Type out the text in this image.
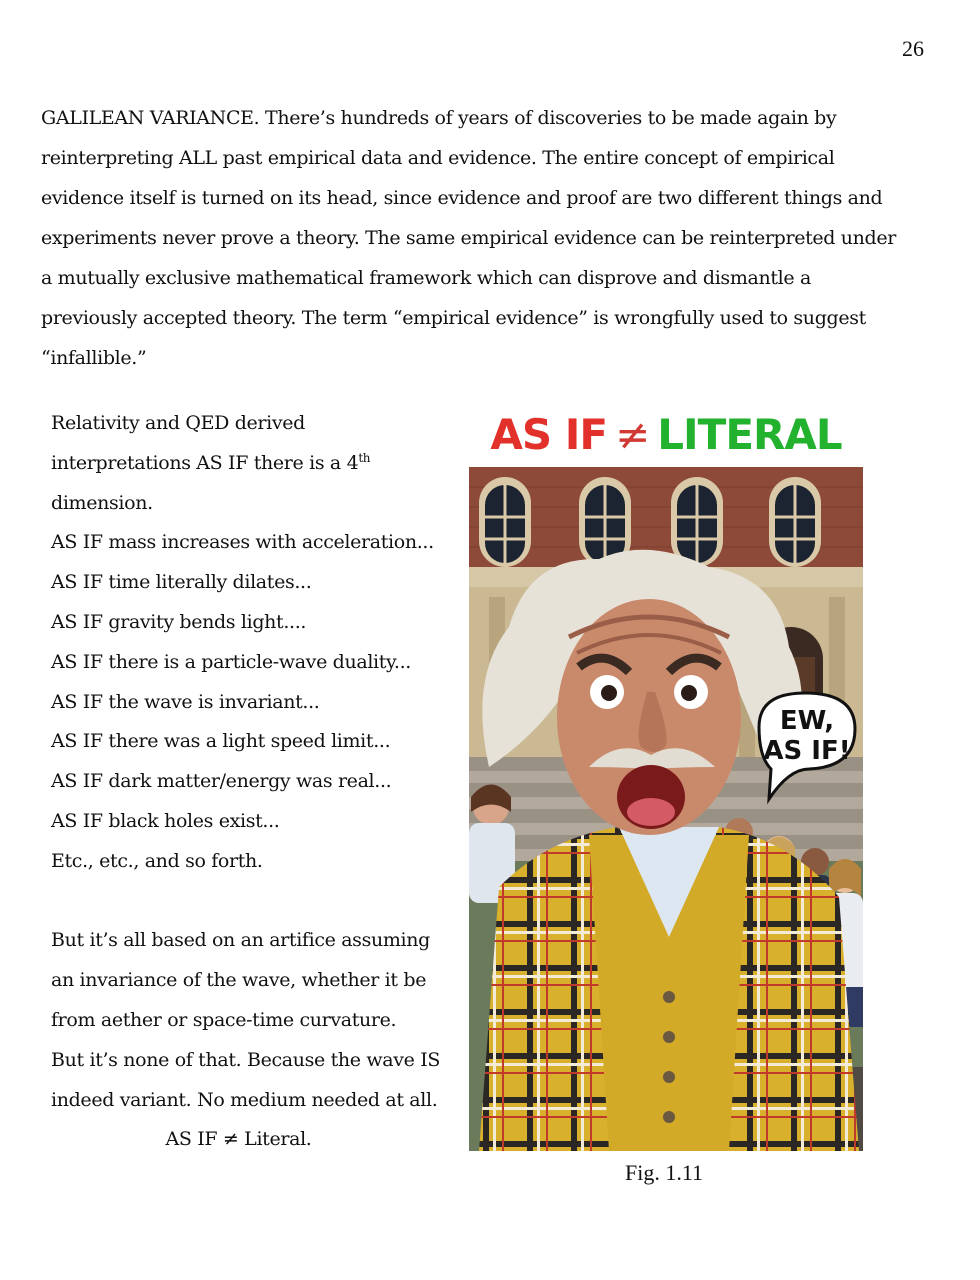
26

GALILEAN VARIANCE. There’s hundreds of years of discoveries to be made again by reinterpreting ALL past empirical data and evidence. The entire concept of empirical evidence itself is turned on its head, since evidence and proof are two different things and experiments never prove a theory. The same empirical evidence can be reinterpreted under a mutually exclusive mathematical framework which can disprove and dismantle a previously accepted theory. The term “empirical evidence” is wrongfully used to suggest “infallible.”

Relativity and QED derived
interpretations AS IF there is a 4th
dimension.
AS IF mass increases with acceleration...
AS IF time literally dilates...
AS IF gravity bends light....
AS IF there is a particle-wave duality...
AS IF the wave is invariant...
AS IF there was a light speed limit...
AS IF dark matter/energy was real...
AS IF black holes exist...
Etc., etc., and so forth.
But it’s all based on an artifice assuming
an invariance of the wave, whether it be
from aether or space-time curvature.
But it’s none of that. Because the wave IS
indeed variant. No medium needed at all.
AS IF ≠ Literal.
AS IF ≠ LITERAL
EW,
AS IF!
Fig. 1.11
